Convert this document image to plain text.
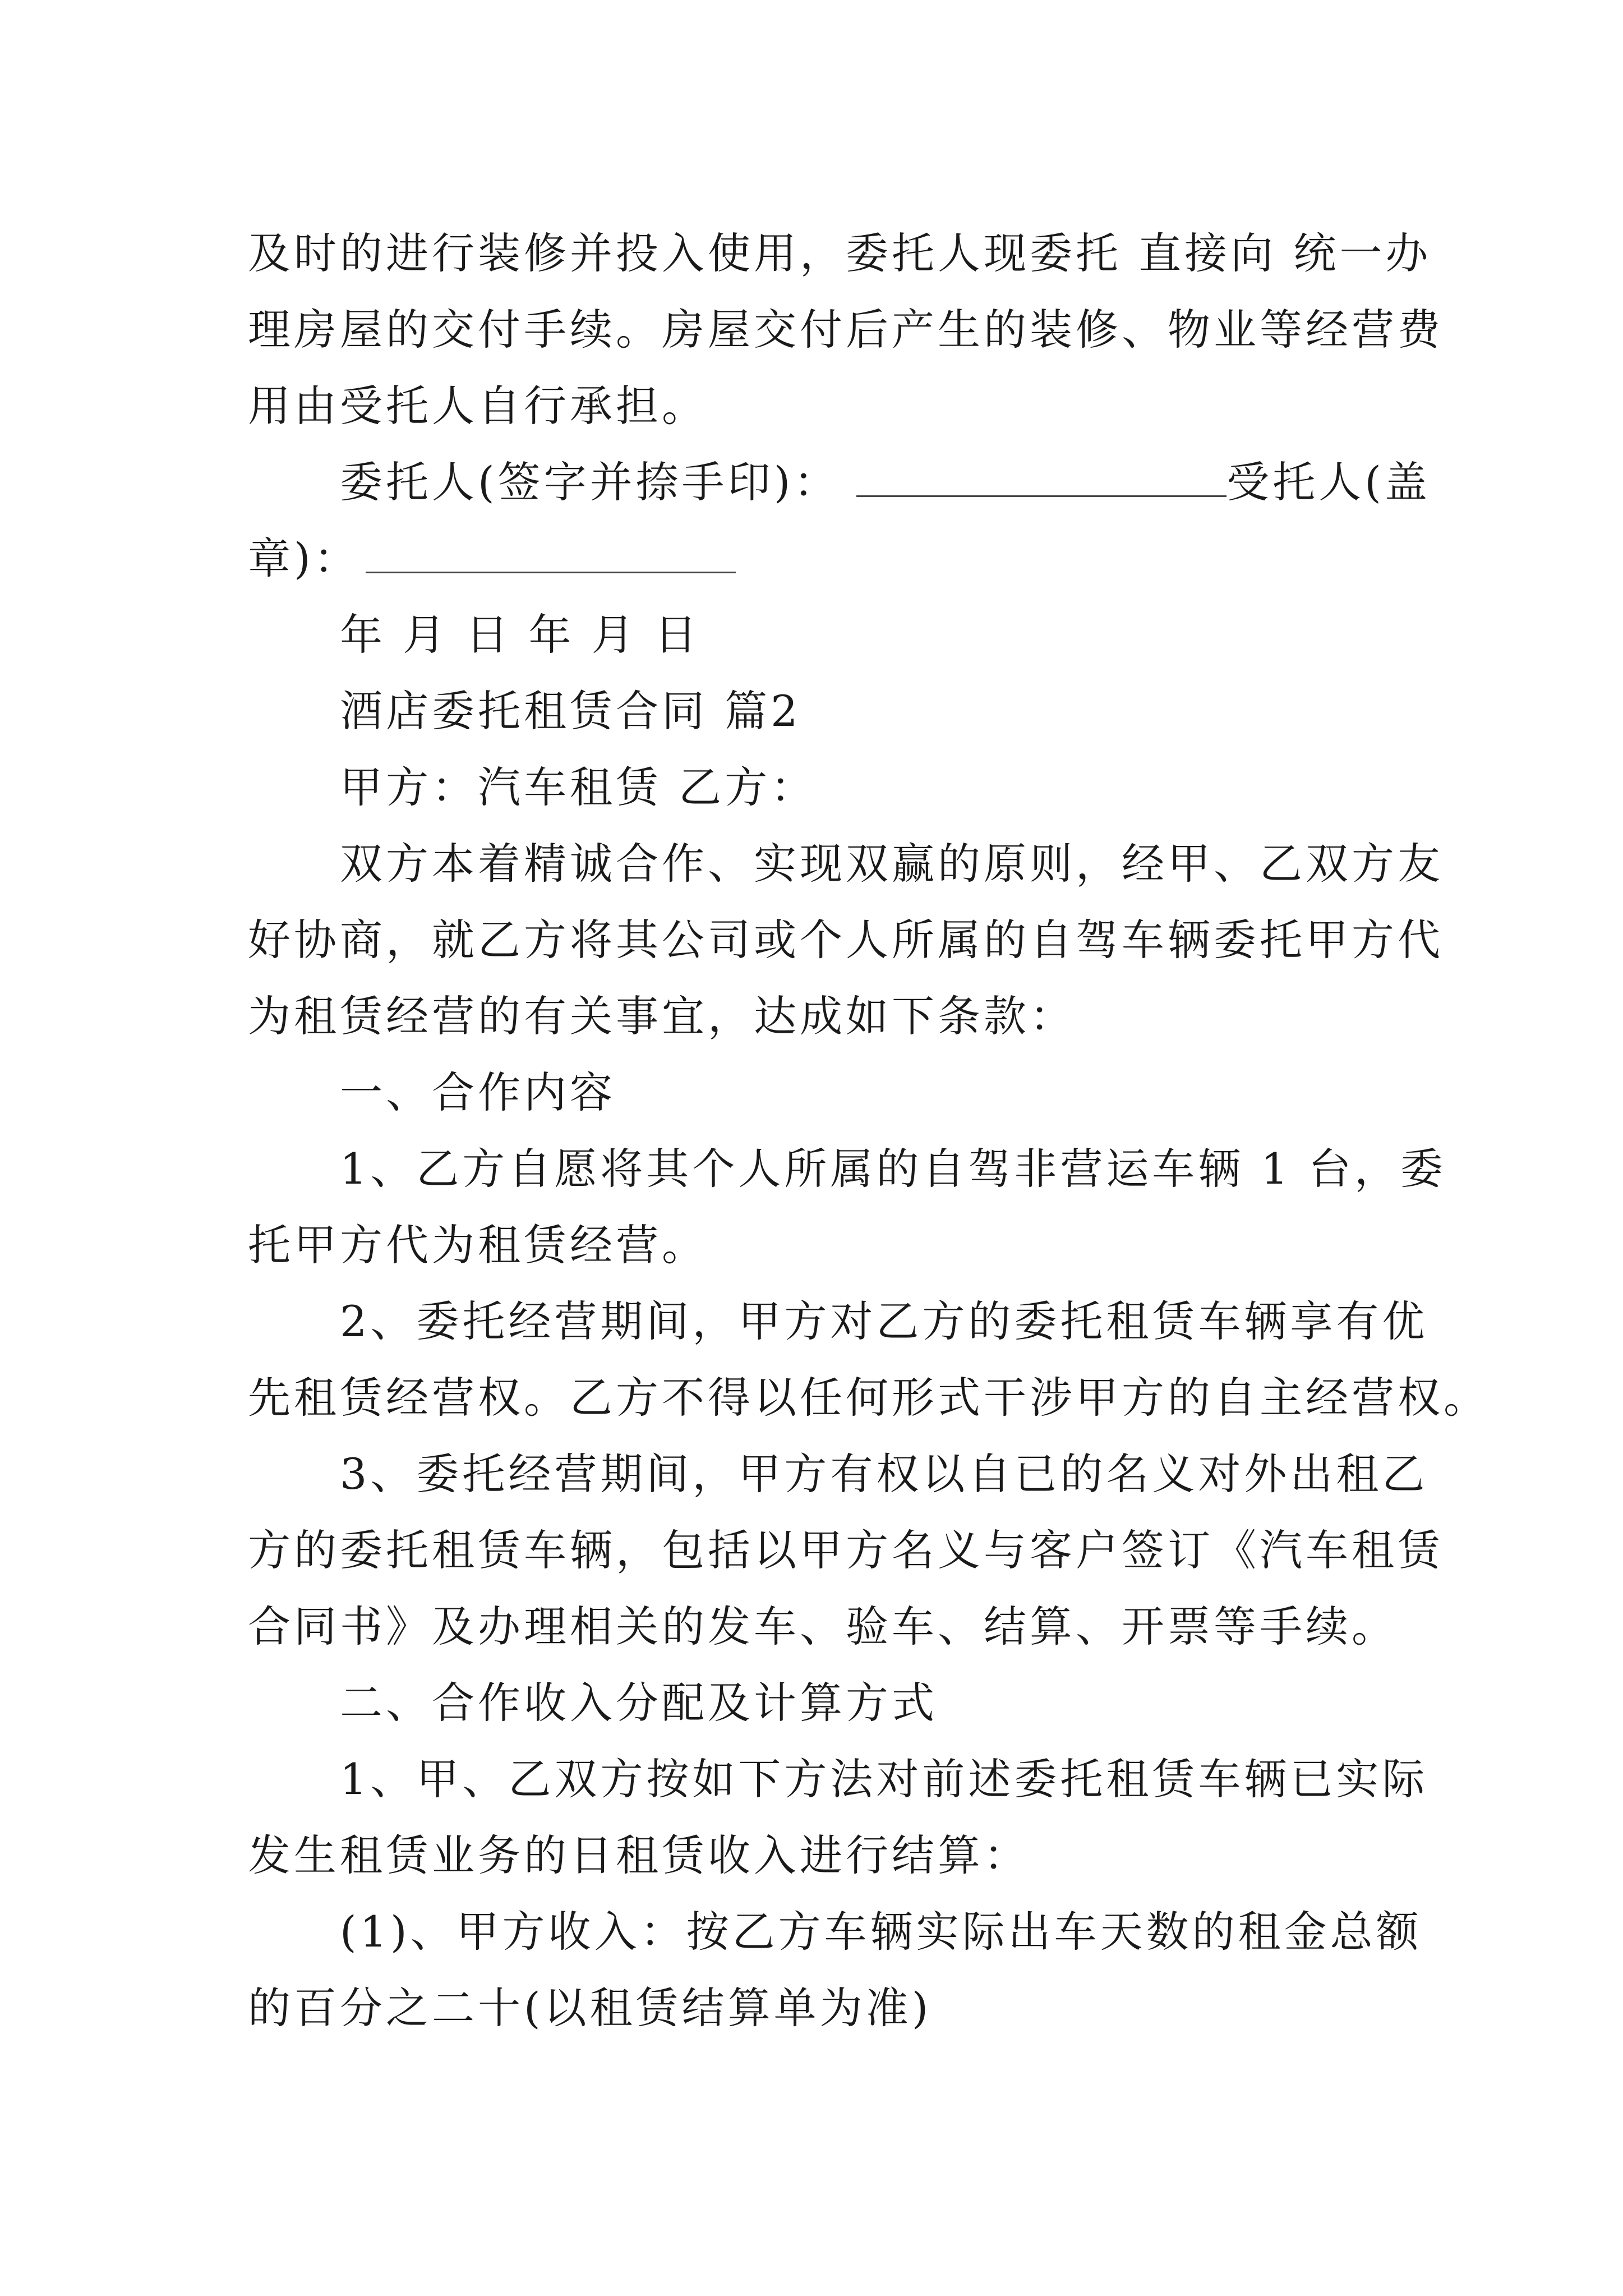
及时的进行装修并投入使用，委托人现委托 直接向 统一办

理房屋的交付手续。房屋交付后产生的装修、物业等经营费

用由受托人自行承担。

委托人(签字并捺手印)：	受托人(盖

章)：

年 月 日 年 月 日

酒店委托租赁合同 篇2

甲方：汽车租赁 乙方：

双方本着精诚合作、实现双赢的原则，经甲、乙双方友

好协商，就乙方将其公司或个人所属的自驾车辆委托甲方代

为租赁经营的有关事宜，达成如下条款：

一、合作内容

1、乙方自愿将其个人所属的自驾非营运车辆 1 台，委

托甲方代为租赁经营。

2、委托经营期间，甲方对乙方的委托租赁车辆享有优

先租赁经营权。乙方不得以任何形式干涉甲方的自主经营权。

3、委托经营期间，甲方有权以自已的名义对外出租乙

方的委托租赁车辆，包括以甲方名义与客户签订《汽车租赁

合同书》及办理相关的发车、验车、结算、开票等手续。

二、合作收入分配及计算方式

1、甲、乙双方按如下方法对前述委托租赁车辆已实际

发生租赁业务的日租赁收入进行结算：

(1)、甲方收入：按乙方车辆实际出车天数的租金总额

的百分之二十(以租赁结算单为准)
